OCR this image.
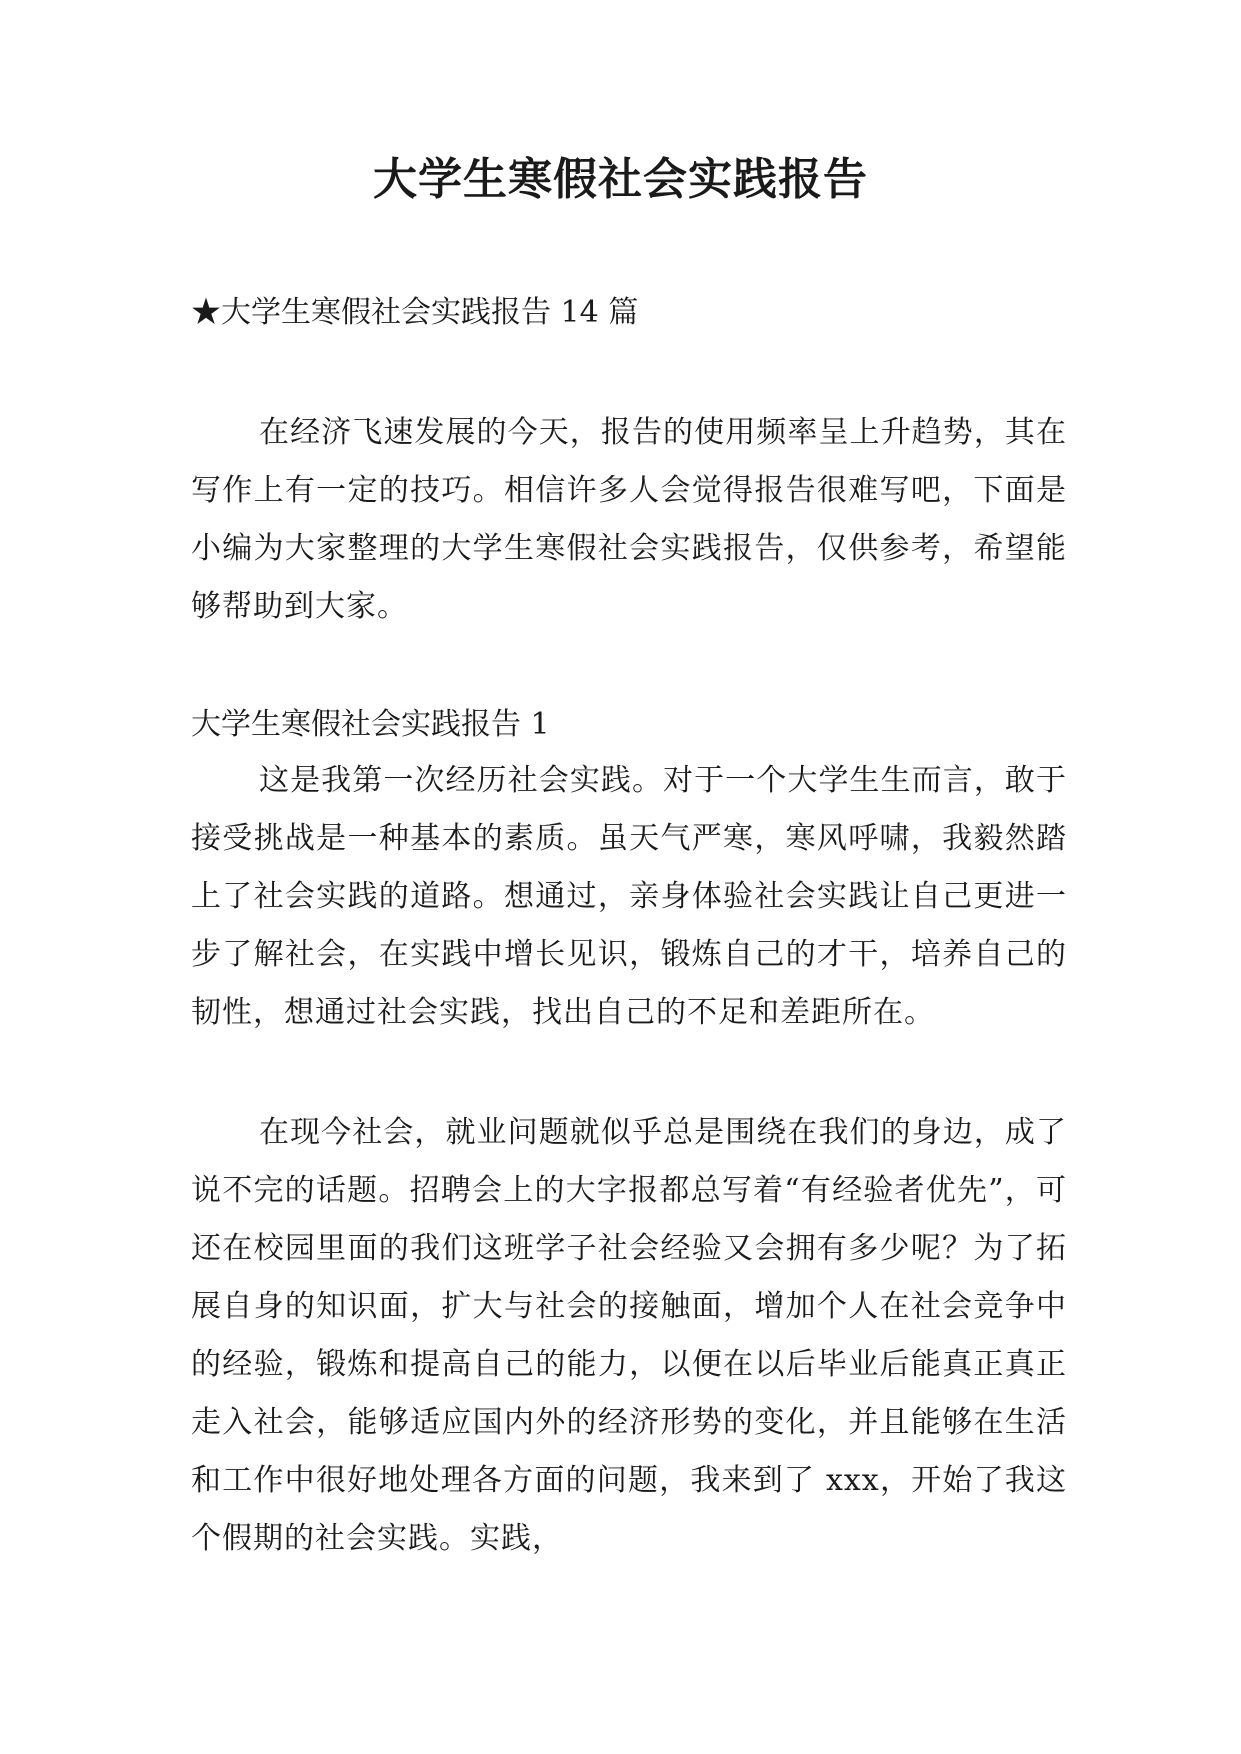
大学生寒假社会实践报告
★大学生寒假社会实践报告 14 篇

在经济飞速发展的今天，报告的使用频率呈上升趋势，其在写作上有一定的技巧。相信许多人会觉得报告很难写吧，下面是小编为大家整理的大学生寒假社会实践报告，仅供参考，希望能够帮助到大家。

大学生寒假社会实践报告 1

这是我第一次经历社会实践。对于一个大学生生而言，敢于接受挑战是一种基本的素质。虽天气严寒，寒风呼啸，我毅然踏上了社会实践的道路。想通过，亲身体验社会实践让自己更进一步了解社会，在实践中增长见识，锻炼自己的才干，培养自己的韧性，想通过社会实践，找出自己的不足和差距所在。

在现今社会，就业问题就似乎总是围绕在我们的身边，成了说不完的话题。招聘会上的大字报都总写着“有经验者优先”，可还在校园里面的我们这班学子社会经验又会拥有多少呢？为了拓展自身的知识面，扩大与社会的接触面，增加个人在社会竞争中的经验，锻炼和提高自己的能力，以便在以后毕业后能真正真正走入社会，能够适应国内外的经济形势的变化，并且能够在生活和工作中很好地处理各方面的问题，我来到了 xxx，开始了我这个假期的社会实践。实践，
